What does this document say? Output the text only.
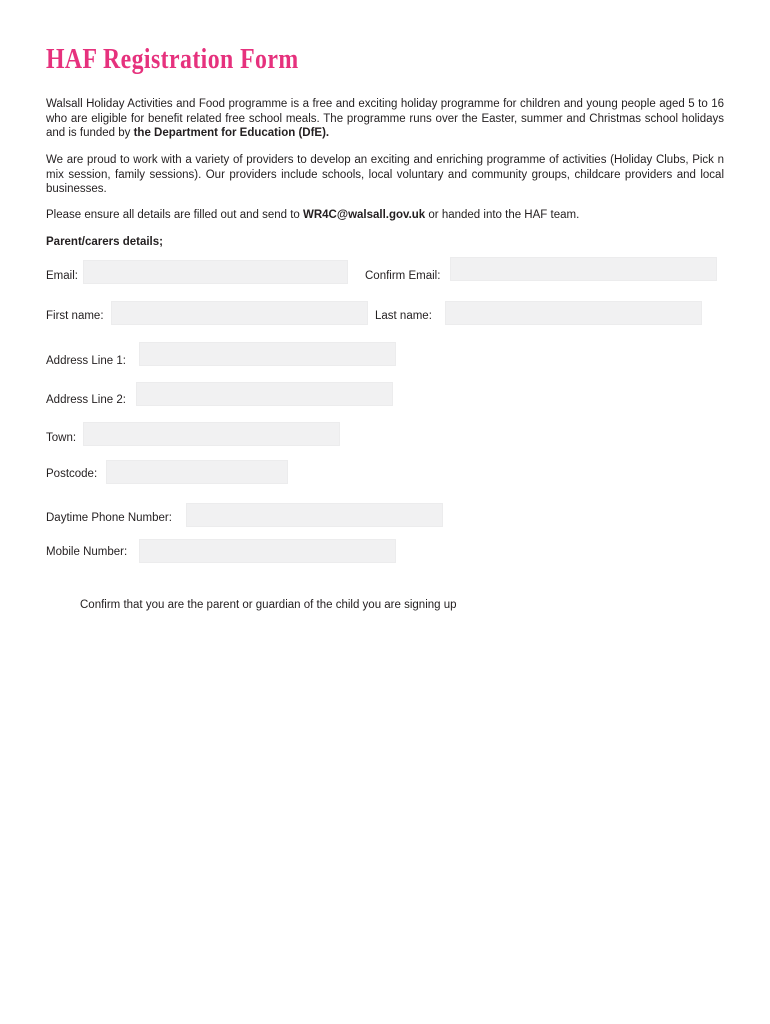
HAF Registration Form

Walsall Holiday Activities and Food programme is a free and exciting holiday programme for children and young people aged 5 to 16 who are eligible for benefit related free school meals. The programme runs over the Easter, summer and Christmas school holidays and is funded by the Department for Education (DfE).

We are proud to work with a variety of providers to develop an exciting and enriching programme of activities (Holiday Clubs, Pick n mix session, family sessions). Our providers include schools, local voluntary and community groups, childcare providers and local businesses.

Please ensure all details are filled out and send to WR4C@walsall.gov.uk or handed into the HAF team.

Parent/carers details;

Email:	Confirm Email:
First name:	Last name:
Address Line 1:
Address Line 2:
Town:
Postcode:
Daytime Phone Number:
Mobile Number:
Confirm that you are the parent or guardian of the child you are signing up
